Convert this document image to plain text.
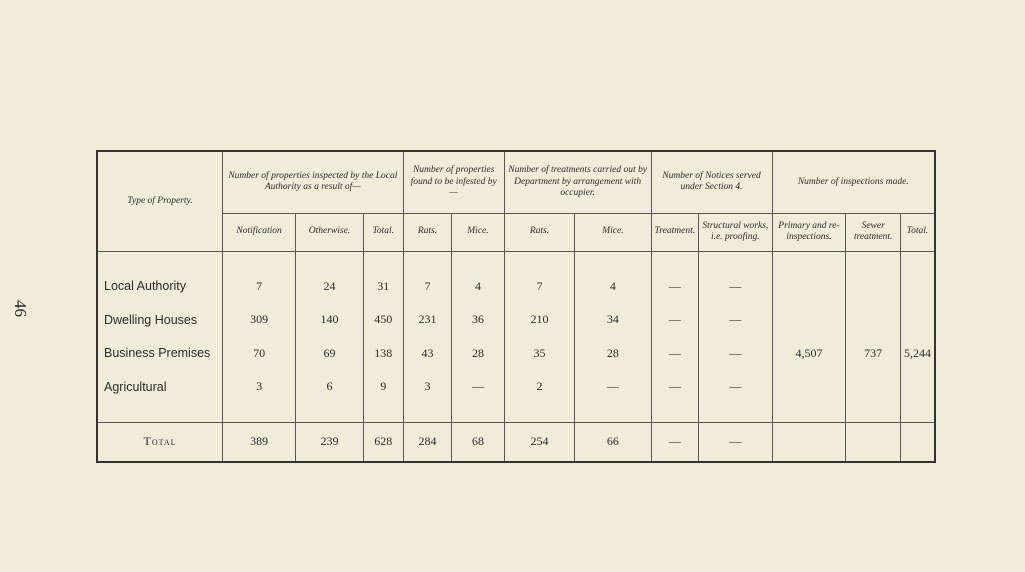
46
Type of Property.	Number of properties inspected by the Local Authority as a result of—			Number of properties found to be infested by—		Number of treatments carried out by Department by arrangement with occupier.		Number of Notices served under Section 4.		Number of inspections made.		
	Notification	Otherwise.	Total.	Rats.	Mice.	Rats.	Mice.	Treatment.	Structural works, i.e. proofing.	Primary and re-inspections.	Sewer treatment.	Total.

Local Authority	7	24	31	7	4	7	4	—	—			
Dwelling Houses	309	140	450	231	36	210	34	—	—			
Business Premises	70	69	138	43	28	35	28	—	—	4,507	737	5,244
Agricultural	3	6	9	3	—	2	—	—	—			

Total	389	239	628	284	68	254	66	—	—			
